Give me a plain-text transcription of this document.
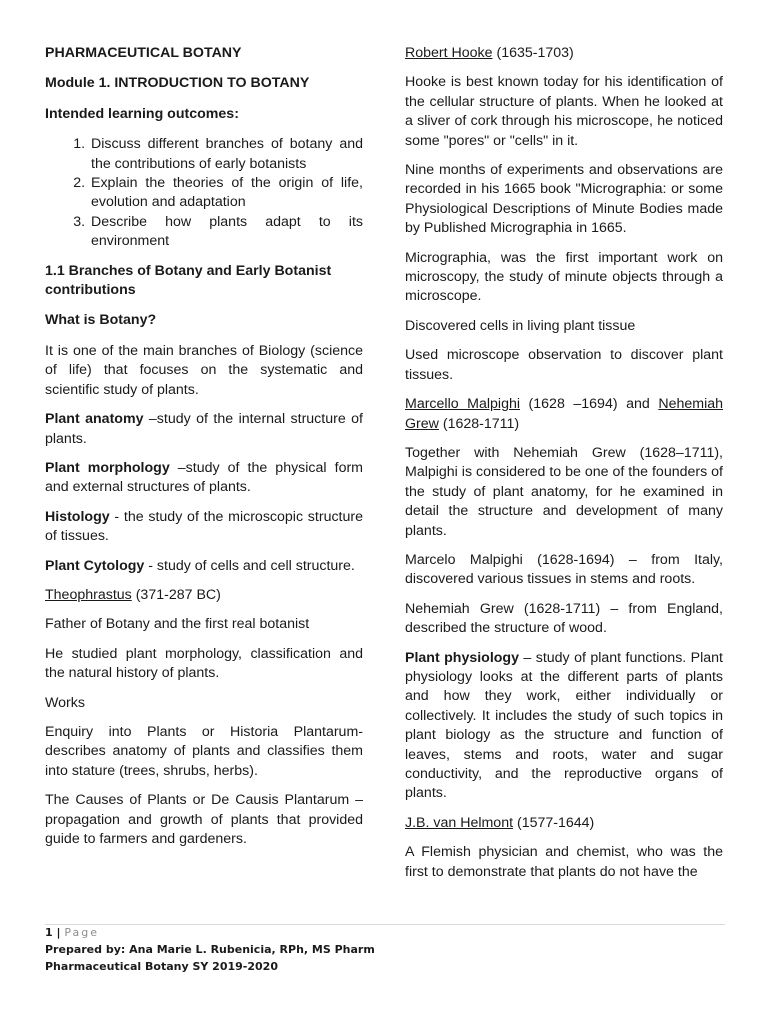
PHARMACEUTICAL BOTANY
Module 1. INTRODUCTION TO BOTANY
Intended learning outcomes:
1. Discuss different branches of botany and the contributions of early botanists
2. Explain the theories of the origin of life, evolution and adaptation
3. Describe how plants adapt to its environment
1.1 Branches of Botany and Early Botanist contributions
What is Botany?

It is one of the main branches of Biology (science of life) that focuses on the systematic and scientific study of plants.

Plant anatomy –study of the internal structure of plants.

Plant morphology –study of the physical form and external structures of plants.

Histology - the study of the microscopic structure of tissues.

Plant Cytology - study of cells and cell structure.

Theophrastus (371-287 BC)

Father of Botany and the first real botanist

He studied plant morphology, classification and the natural history of plants.

Works

Enquiry into Plants or Historia Plantarum- describes anatomy of plants and classifies them into stature (trees, shrubs, herbs).

The Causes of Plants or De Causis Plantarum – propagation and growth of plants that provided guide to farmers and gardeners.

Robert Hooke (1635-1703)

Hooke is best known today for his identification of the cellular structure of plants. When he looked at a sliver of cork through his microscope, he noticed some "pores" or "cells" in it.

Nine months of experiments and observations are recorded in his 1665 book "Micrographia: or some Physiological Descriptions of Minute Bodies made by Published Micrographia in 1665.

Micrographia, was the first important work on microscopy, the study of minute objects through a microscope.

Discovered cells in living plant tissue

Used microscope observation to discover plant tissues.

Marcello Malpighi (1628 –1694) and Nehemiah Grew (1628-1711)

Together with Nehemiah Grew (1628–1711), Malpighi is considered to be one of the founders of the study of plant anatomy, for he examined in detail the structure and development of many plants.

Marcelo Malpighi (1628-1694) – from Italy, discovered various tissues in stems and roots.

Nehemiah Grew (1628-1711) – from England, described the structure of wood.

Plant physiology – study of plant functions. Plant physiology looks at the different parts of plants and how they work, either individually or collectively. It includes the study of such topics in plant biology as the structure and function of leaves, stems and roots, water and sugar conductivity, and the reproductive organs of plants.

J.B. van Helmont (1577-1644)

A Flemish physician and chemist, who was the first to demonstrate that plants do not have the

1 | Page
Prepared by: Ana Marie L. Rubenicia, RPh, MS Pharm
Pharmaceutical Botany SY 2019-2020
